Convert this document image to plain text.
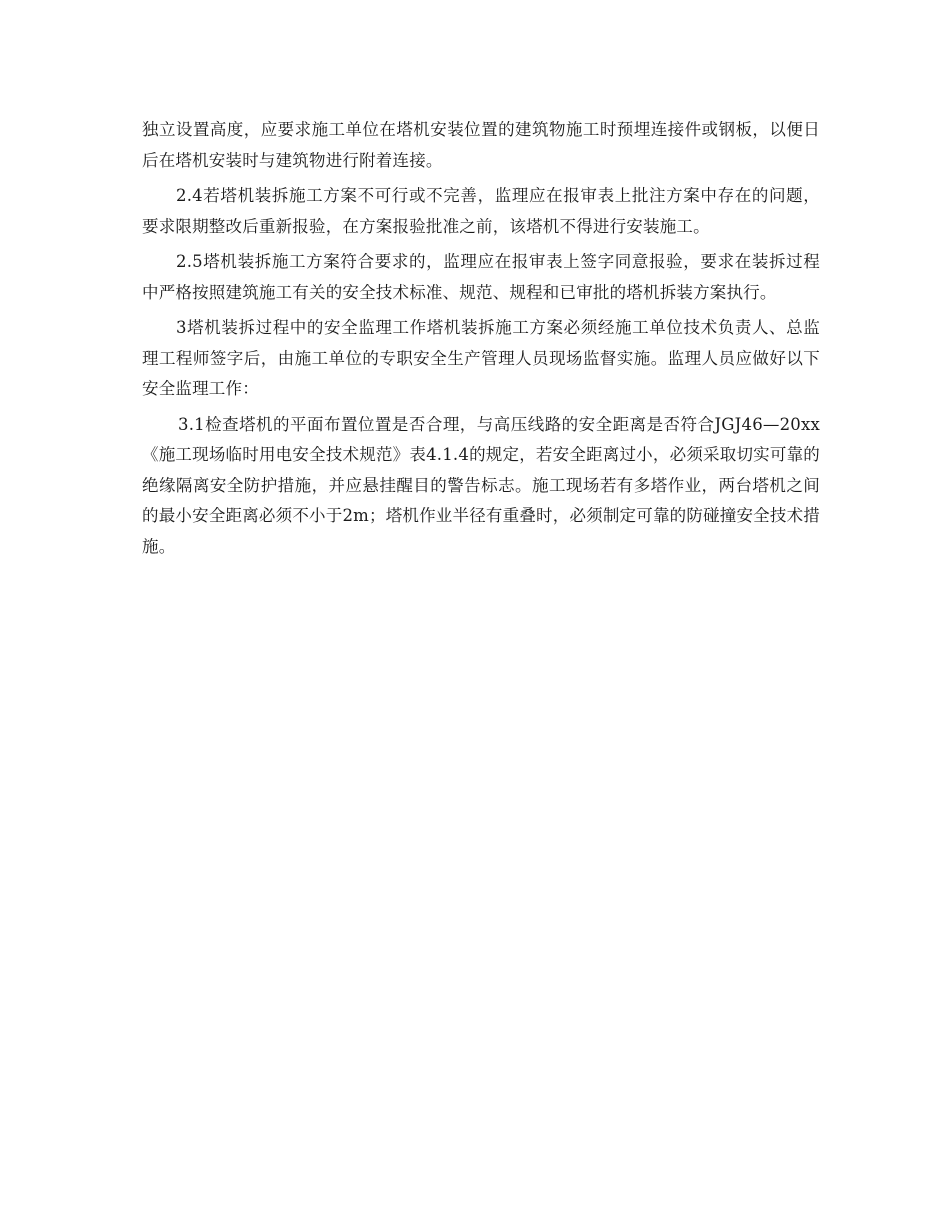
独立设置高度，应要求施工单位在塔机安装位置的建筑物施工时预埋连接件或钢板，以便日后在塔机安装时与建筑物进行附着连接。

2.4若塔机装拆施工方案不可行或不完善，监理应在报审表上批注方案中存在的问题，要求限期整改后重新报验，在方案报验批准之前，该塔机不得进行安装施工。

2.5塔机装拆施工方案符合要求的，监理应在报审表上签字同意报验，要求在装拆过程中严格按照建筑施工有关的安全技术标准、规范、规程和已审批的塔机拆装方案执行。

3塔机装拆过程中的安全监理工作塔机装拆施工方案必须经施工单位技术负责人、总监理工程师签字后，由施工单位的专职安全生产管理人员现场监督实施。监理人员应做好以下安全监理工作：

3.1检查塔机的平面布置位置是否合理，与高压线路的安全距离是否符合JGJ46—20xx《施工现场临时用电安全技术规范》表4.1.4的规定，若安全距离过小，必须采取切实可靠的绝缘隔离安全防护措施，并应悬挂醒目的警告标志。施工现场若有多塔作业，两台塔机之间的最小安全距离必须不小于2m；塔机作业半径有重叠时，必须制定可靠的防碰撞安全技术措施。
